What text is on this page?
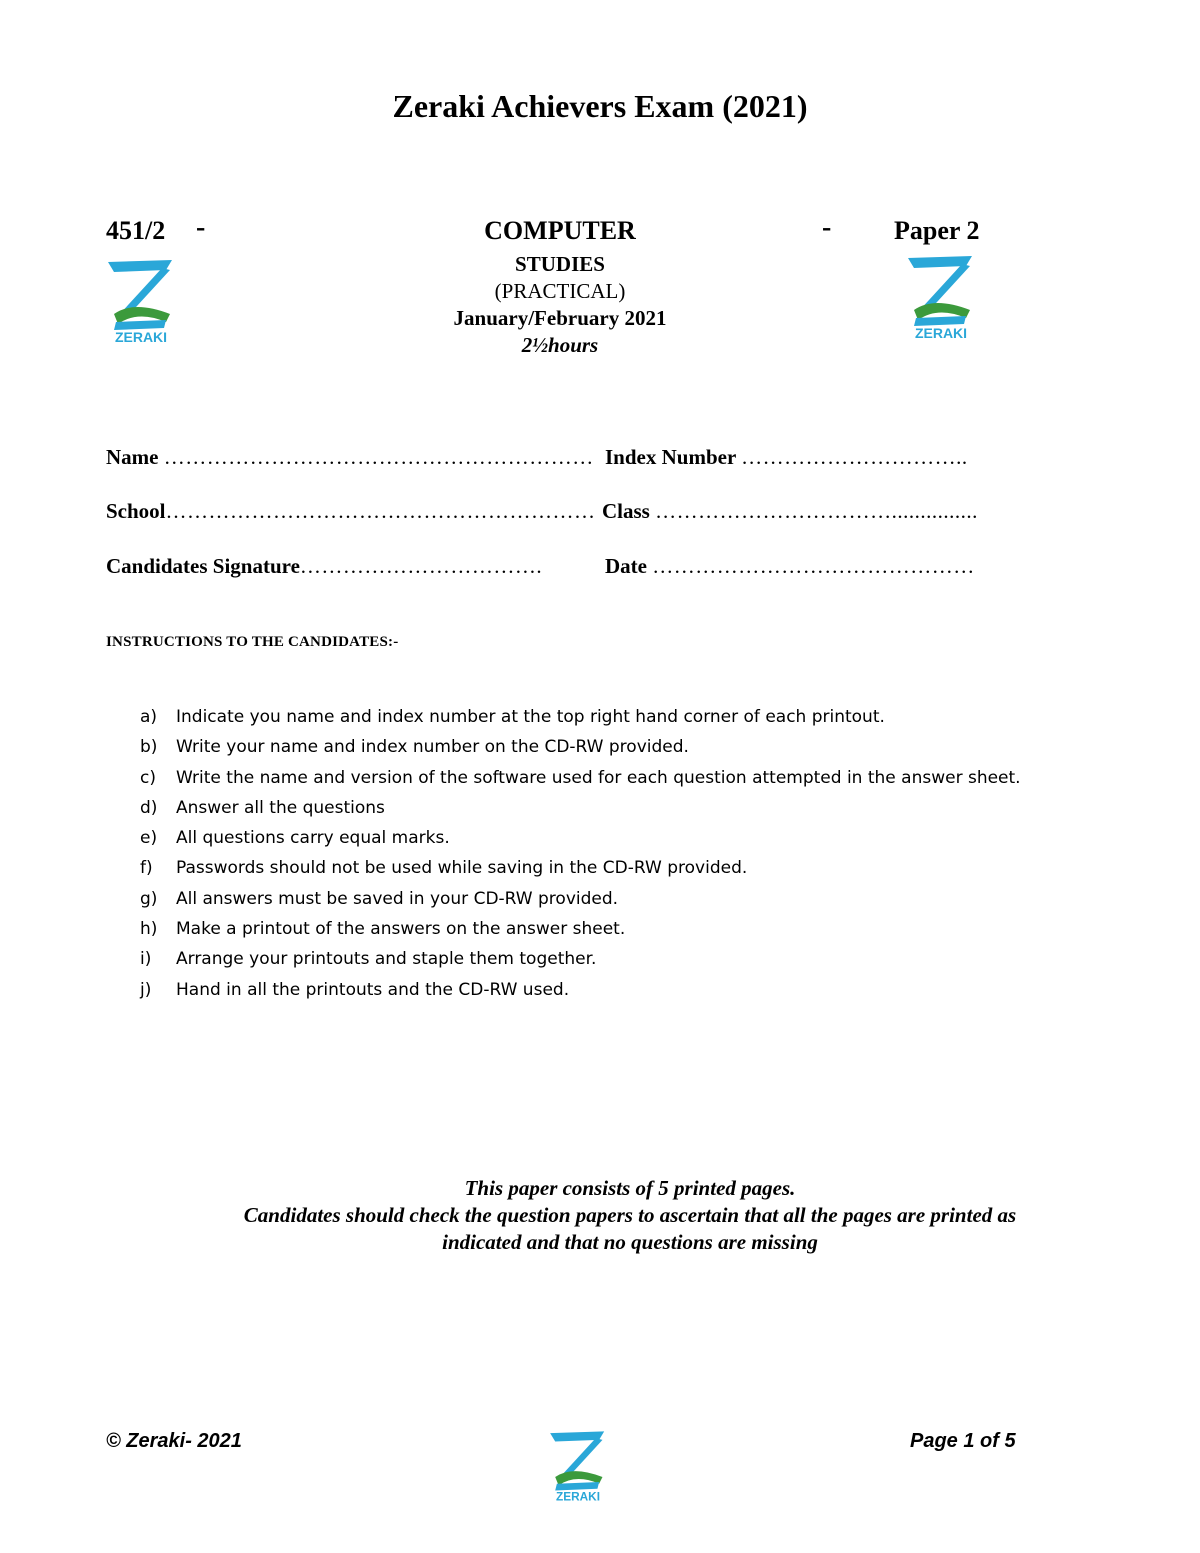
Zeraki Achievers Exam (2021)
451/2 -	- Paper 2
COMPUTER
STUDIES
(PRACTICAL)
January/February 2021
2½hours
ZERAKI	ZERAKI
Name …………………………………………………… Index Number …………………………..
School…………………………………………………… Class ……………………………...............
Candidates Signature…………………………….	Date ………………………………………
INSTRUCTIONS TO THE CANDIDATES:-
a) Indicate you name and index number at the top right hand corner of each printout.
b) Write your name and index number on the CD-RW provided.
c) Write the name and version of the software used for each question attempted in the answer sheet.
d) Answer all the questions
e) All questions carry equal marks.
f) Passwords should not be used while saving in the CD-RW provided.
g) All answers must be saved in your CD-RW provided.
h) Make a printout of the answers on the answer sheet.
i) Arrange your printouts and staple them together.
j) Hand in all the printouts and the CD-RW used.
This paper consists of 5 printed pages.
Candidates should check the question papers to ascertain that all the pages are printed as
indicated and that no questions are missing
© Zeraki- 2021
ZERAKI
Page 1 of 5
